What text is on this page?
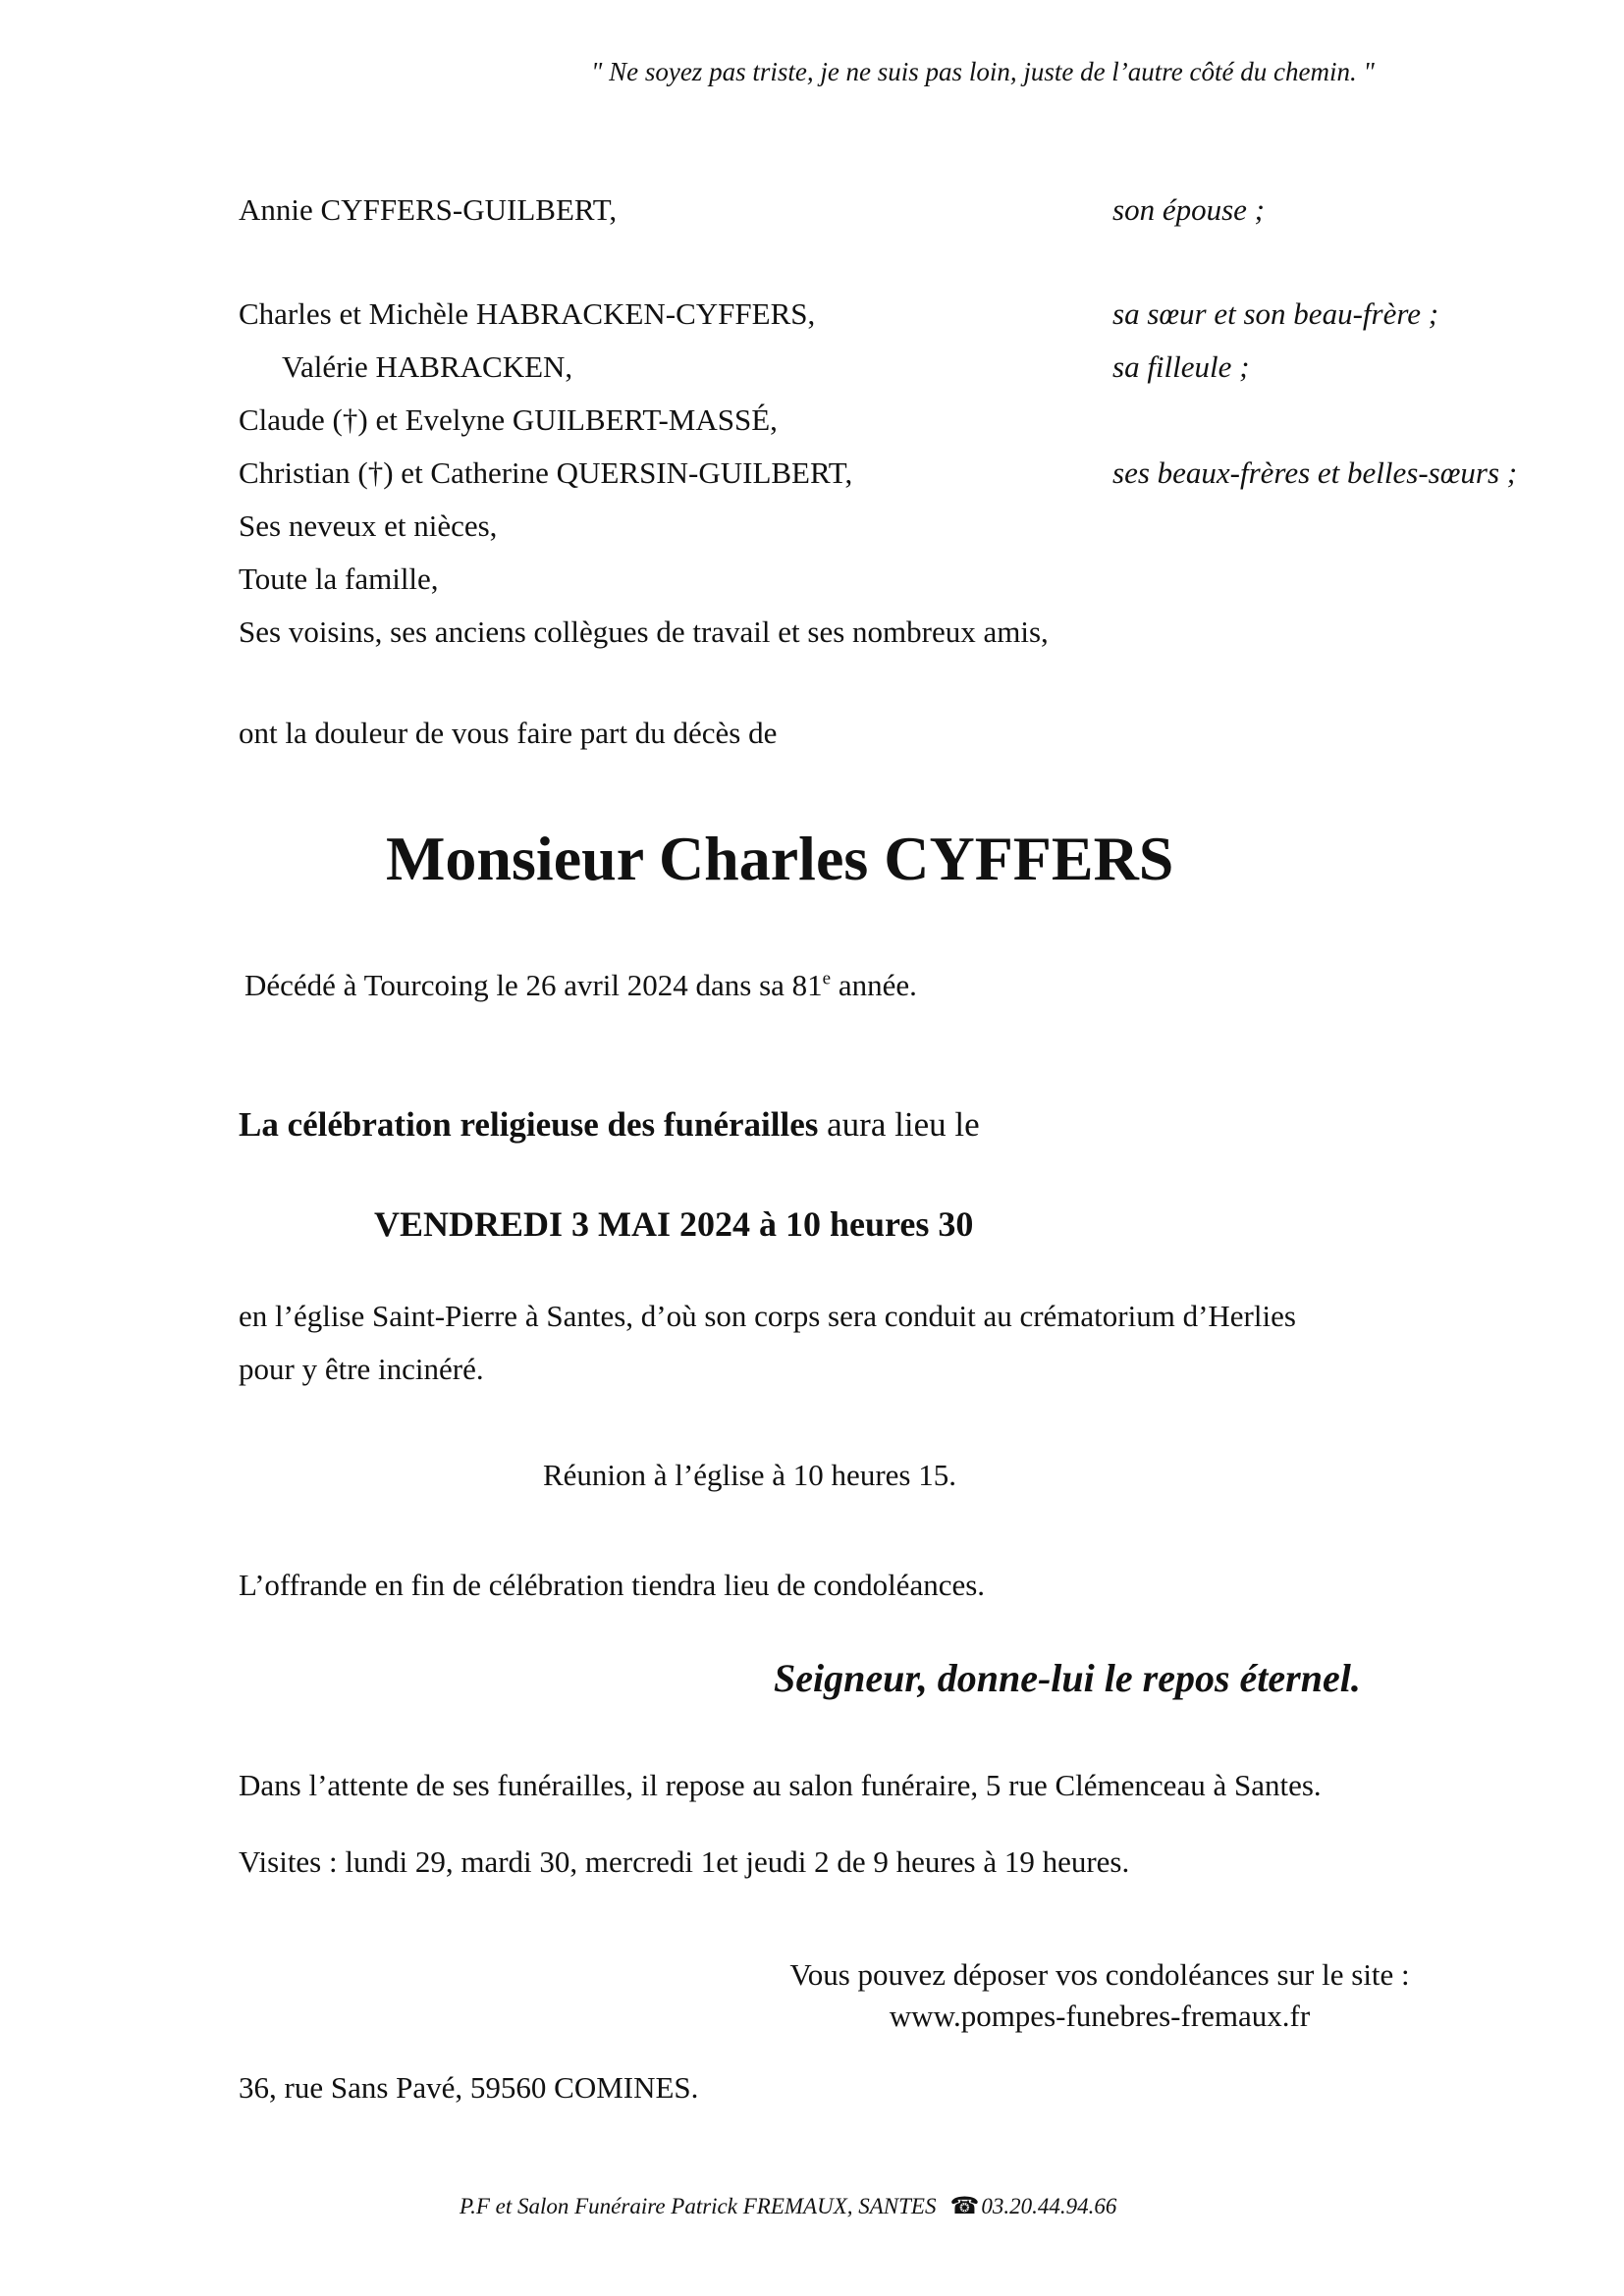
" Ne soyez pas triste, je ne suis pas loin, juste de l’autre côté du chemin. "
Annie CYFFERS-GUILBERT,	son épouse ;
Charles et Michèle HABRACKEN-CYFFERS,	sa sœur et son beau-frère ;
Valérie HABRACKEN,	sa filleule ;
Claude (†) et Evelyne GUILBERT-MASSÉ,
Christian (†) et Catherine QUERSIN-GUILBERT,	ses beaux-frères et belles-sœurs ;
Ses neveux et nièces,
Toute la famille,
Ses voisins, ses anciens collègues de travail et ses nombreux amis,
ont la douleur de vous faire part du décès de
Monsieur Charles CYFFERS
Décédé à Tourcoing le 26 avril 2024 dans sa 81e année.
La célébration religieuse des funérailles aura lieu le
VENDREDI 3 MAI 2024 à 10 heures 30
en l’église Saint-Pierre à Santes, d’où son corps sera conduit au crématorium d’Herlies
pour y être incinéré.
Réunion à l’église à 10 heures 15.
L’offrande en fin de célébration tiendra lieu de condoléances.
Seigneur, donne-lui le repos éternel.
Dans l’attente de ses funérailles, il repose au salon funéraire, 5 rue Clémenceau à Santes.
Visites : lundi 29, mardi 30, mercredi 1et jeudi 2 de 9 heures à 19 heures.
Vous pouvez déposer vos condoléances sur le site :
www.pompes-funebres-fremaux.fr
36, rue Sans Pavé, 59560 COMINES.
P.F et Salon Funéraire Patrick FREMAUX, SANTES ☎03.20.44.94.66
